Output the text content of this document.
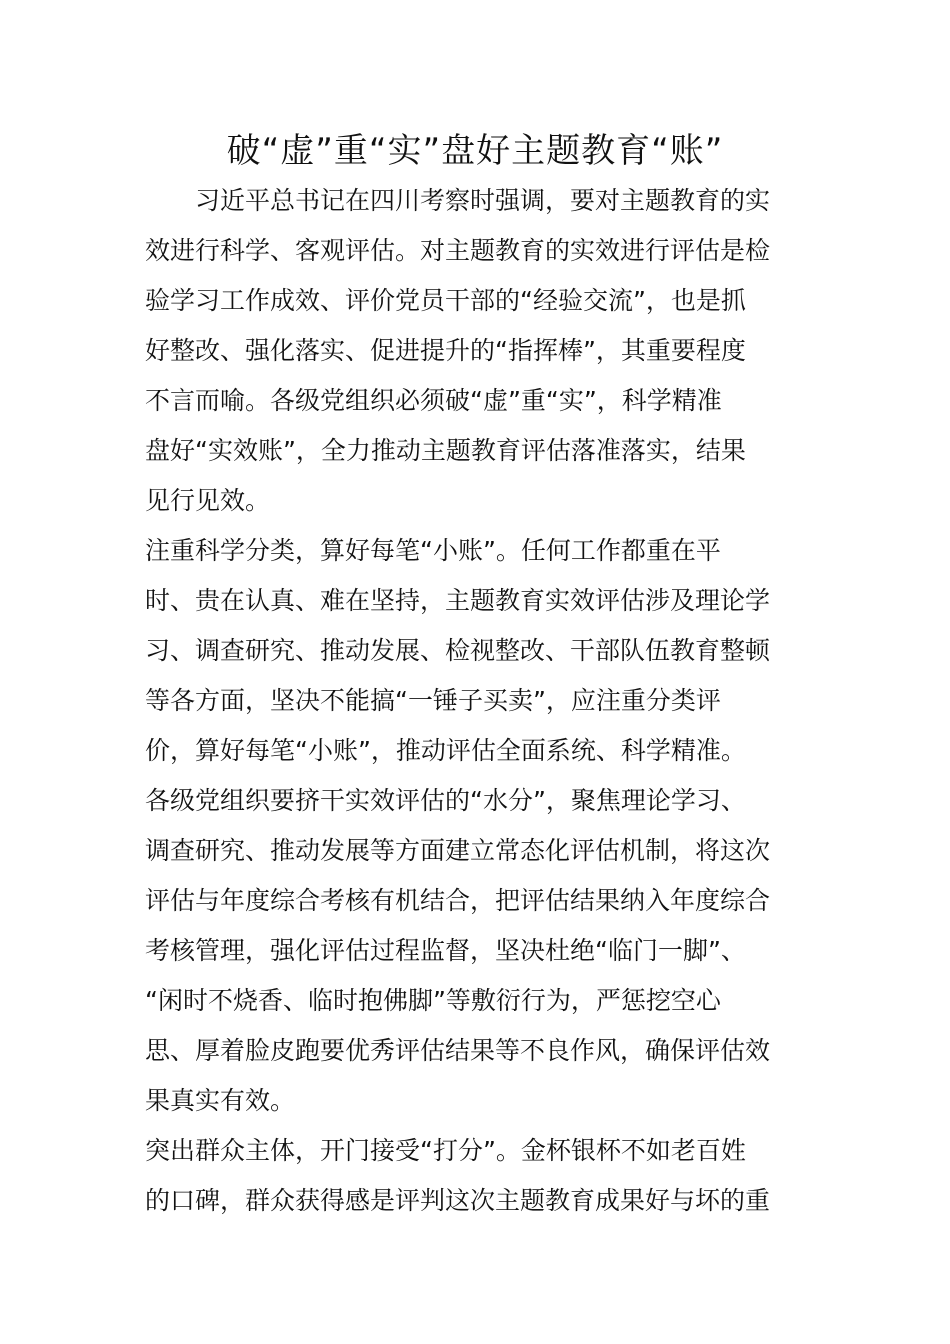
破“虚”重“实”盘好主题教育“账”
　　习近平总书记在四川考察时强调，要对主题教育的实
效进行科学、客观评估。对主题教育的实效进行评估是检
验学习工作成效、评价党员干部的“经验交流”，也是抓
好整改、强化落实、促进提升的“指挥棒”，其重要程度
不言而喻。各级党组织必须破“虚”重“实”，科学精准
盘好“实效账”，全力推动主题教育评估落准落实，结果
见行见效。
注重科学分类，算好每笔“小账”。任何工作都重在平
时、贵在认真、难在坚持，主题教育实效评估涉及理论学
习、调查研究、推动发展、检视整改、干部队伍教育整顿
等各方面，坚决不能搞“一锤子买卖”，应注重分类评
价，算好每笔“小账”，推动评估全面系统、科学精准。
各级党组织要挤干实效评估的“水分”，聚焦理论学习、
调查研究、推动发展等方面建立常态化评估机制，将这次
评估与年度综合考核有机结合，把评估结果纳入年度综合
考核管理，强化评估过程监督，坚决杜绝“临门一脚”、
“闲时不烧香、临时抱佛脚”等敷衍行为，严惩挖空心
思、厚着脸皮跑要优秀评估结果等不良作风，确保评估效
果真实有效。
突出群众主体，开门接受“打分”。金杯银杯不如老百姓
的口碑，群众获得感是评判这次主题教育成果好与坏的重
